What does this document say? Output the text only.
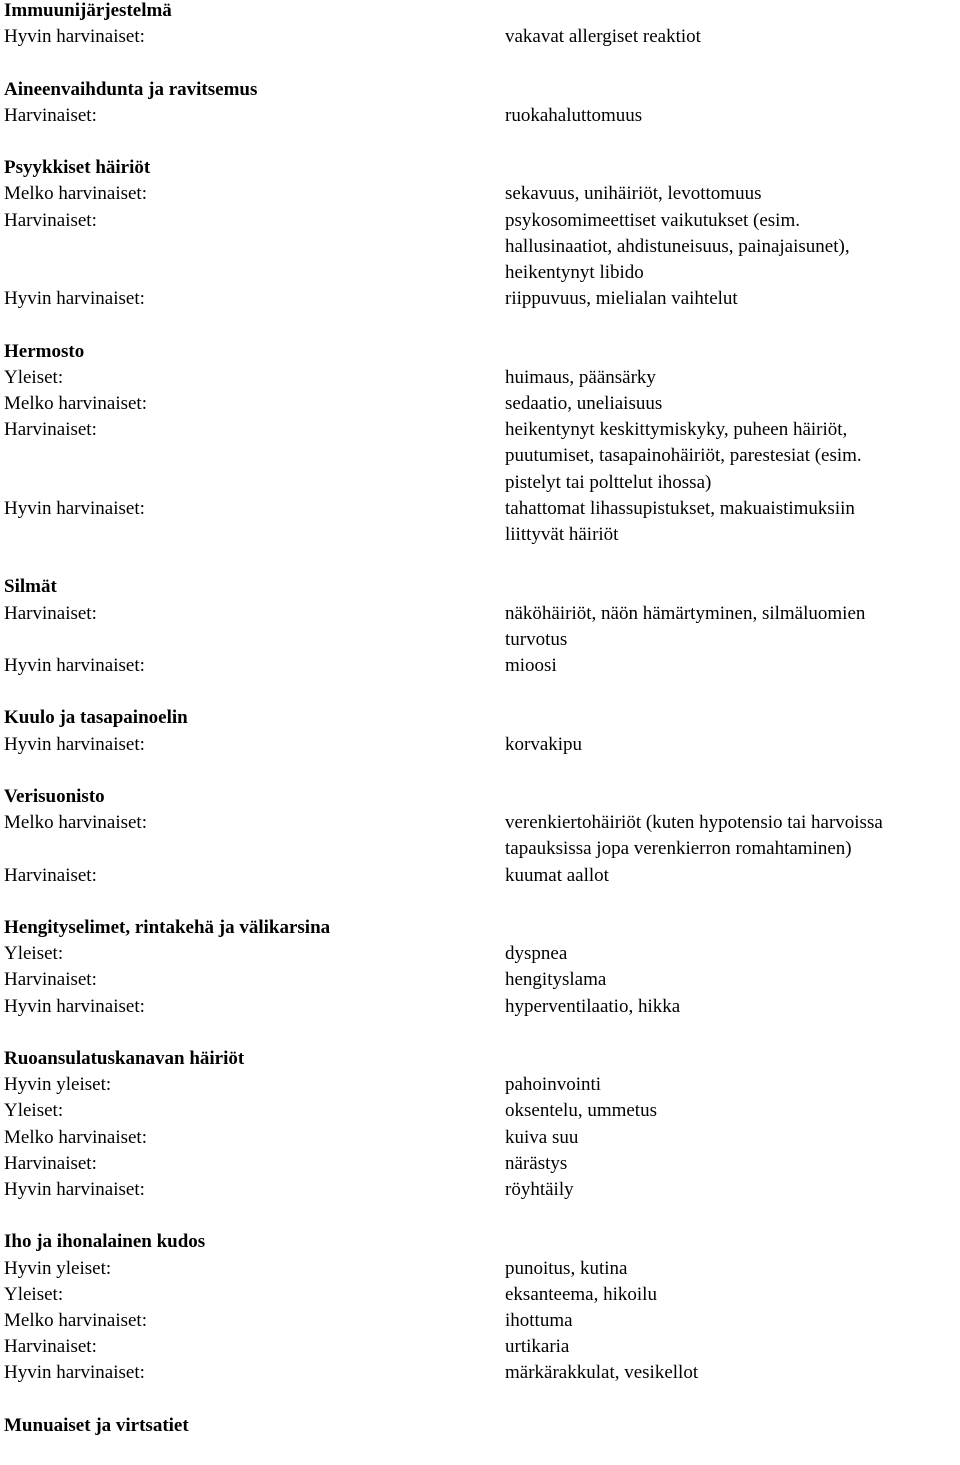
Immuunijärjestelmä
Hyvin harvinaiset:	vakavat allergiset reaktiot
Aineenvaihdunta ja ravitsemus
Harvinaiset:	ruokahaluttomuus
Psyykkiset häiriöt
Melko harvinaiset:	sekavuus, unihäiriöt, levottomuus
Harvinaiset:	psykosomimeettiset vaikutukset (esim.
hallusinaatiot, ahdistuneisuus, painajaisunet),
heikentynyt libido
Hyvin harvinaiset:	riippuvuus, mielialan vaihtelut
Hermosto
Yleiset:	huimaus, päänsärky
Melko harvinaiset:	sedaatio, uneliaisuus
Harvinaiset:	heikentynyt keskittymiskyky, puheen häiriöt,
puutumiset, tasapainohäiriöt, parestesiat (esim.
pistelyt tai polttelut ihossa)
Hyvin harvinaiset:	tahattomat lihassupistukset, makuaistimuksiin
liittyvät häiriöt
Silmät
Harvinaiset:	näköhäiriöt, näön hämärtyminen, silmäluomien
turvotus
Hyvin harvinaiset:	mioosi
Kuulo ja tasapainoelin
Hyvin harvinaiset:	korvakipu
Verisuonisto
Melko harvinaiset:	verenkiertohäiriöt (kuten hypotensio tai harvoissa
tapauksissa jopa verenkierron romahtaminen)
Harvinaiset:	kuumat aallot
Hengityselimet, rintakehä ja välikarsina
Yleiset:	dyspnea
Harvinaiset:	hengityslama
Hyvin harvinaiset:	hyperventilaatio, hikka
Ruoansulatuskanavan häiriöt
Hyvin yleiset:	pahoinvointi
Yleiset:	oksentelu, ummetus
Melko harvinaiset:	kuiva suu
Harvinaiset:	närästys
Hyvin harvinaiset:	röyhtäily
Iho ja ihonalainen kudos
Hyvin yleiset:	punoitus, kutina
Yleiset:	eksanteema, hikoilu
Melko harvinaiset:	ihottuma
Harvinaiset:	urtikaria
Hyvin harvinaiset:	märkärakkulat, vesikellot
Munuaiset ja virtsatiet
